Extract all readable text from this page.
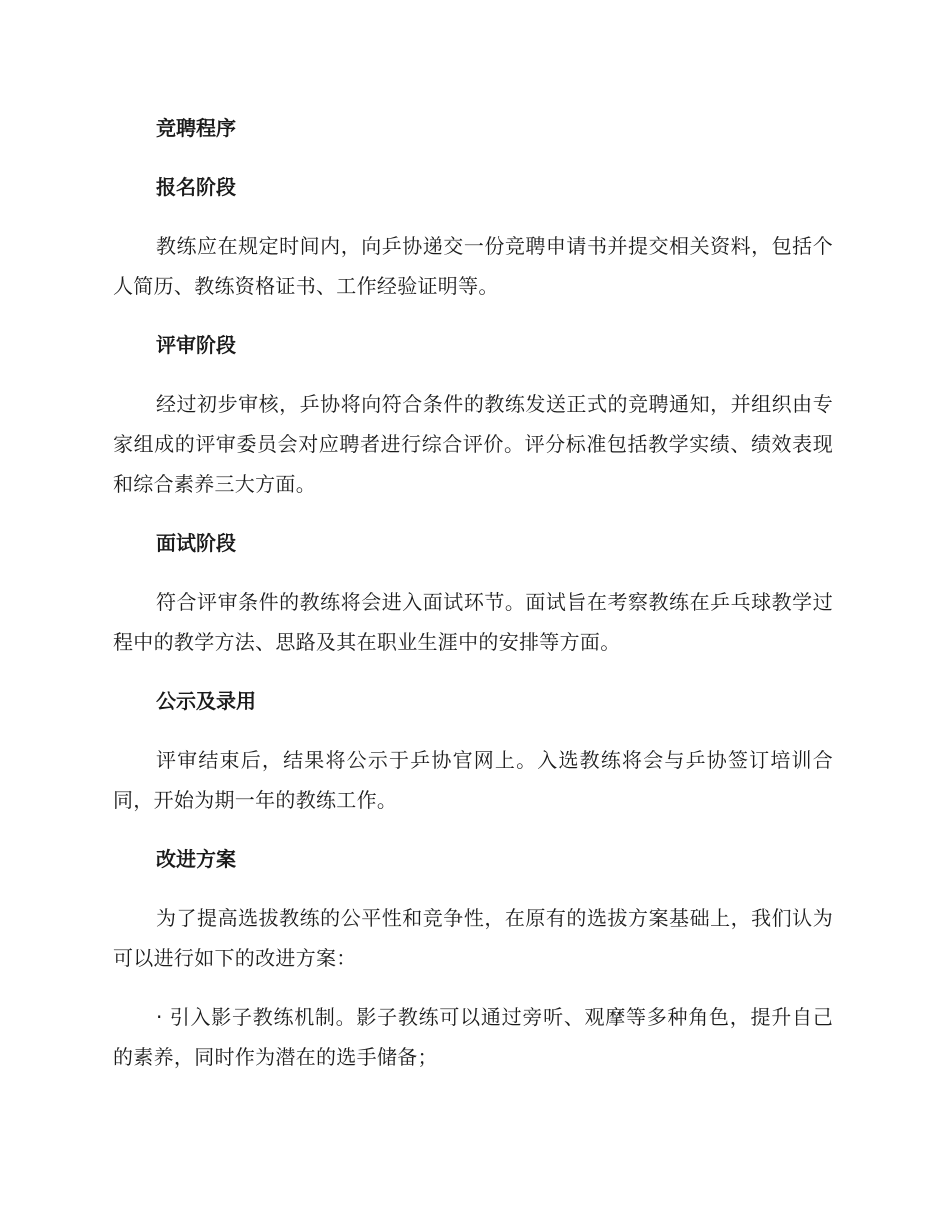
竞聘程序
报名阶段
教练应在规定时间内，向乒协递交一份竞聘申请书并提交相关资料，包括个人简历、教练资格证书、工作经验证明等。
评审阶段
经过初步审核，乒协将向符合条件的教练发送正式的竞聘通知，并组织由专家组成的评审委员会对应聘者进行综合评价。评分标准包括教学实绩、绩效表现和综合素养三大方面。
面试阶段
符合评审条件的教练将会进入面试环节。面试旨在考察教练在乒乓球教学过程中的教学方法、思路及其在职业生涯中的安排等方面。
公示及录用
评审结束后，结果将公示于乒协官网上。入选教练将会与乒协签订培训合同，开始为期一年的教练工作。
改进方案
为了提高选拔教练的公平性和竞争性，在原有的选拔方案基础上，我们认为可以进行如下的改进方案：
· 引入影子教练机制。影子教练可以通过旁听、观摩等多种角色，提升自己的素养，同时作为潜在的选手储备；
